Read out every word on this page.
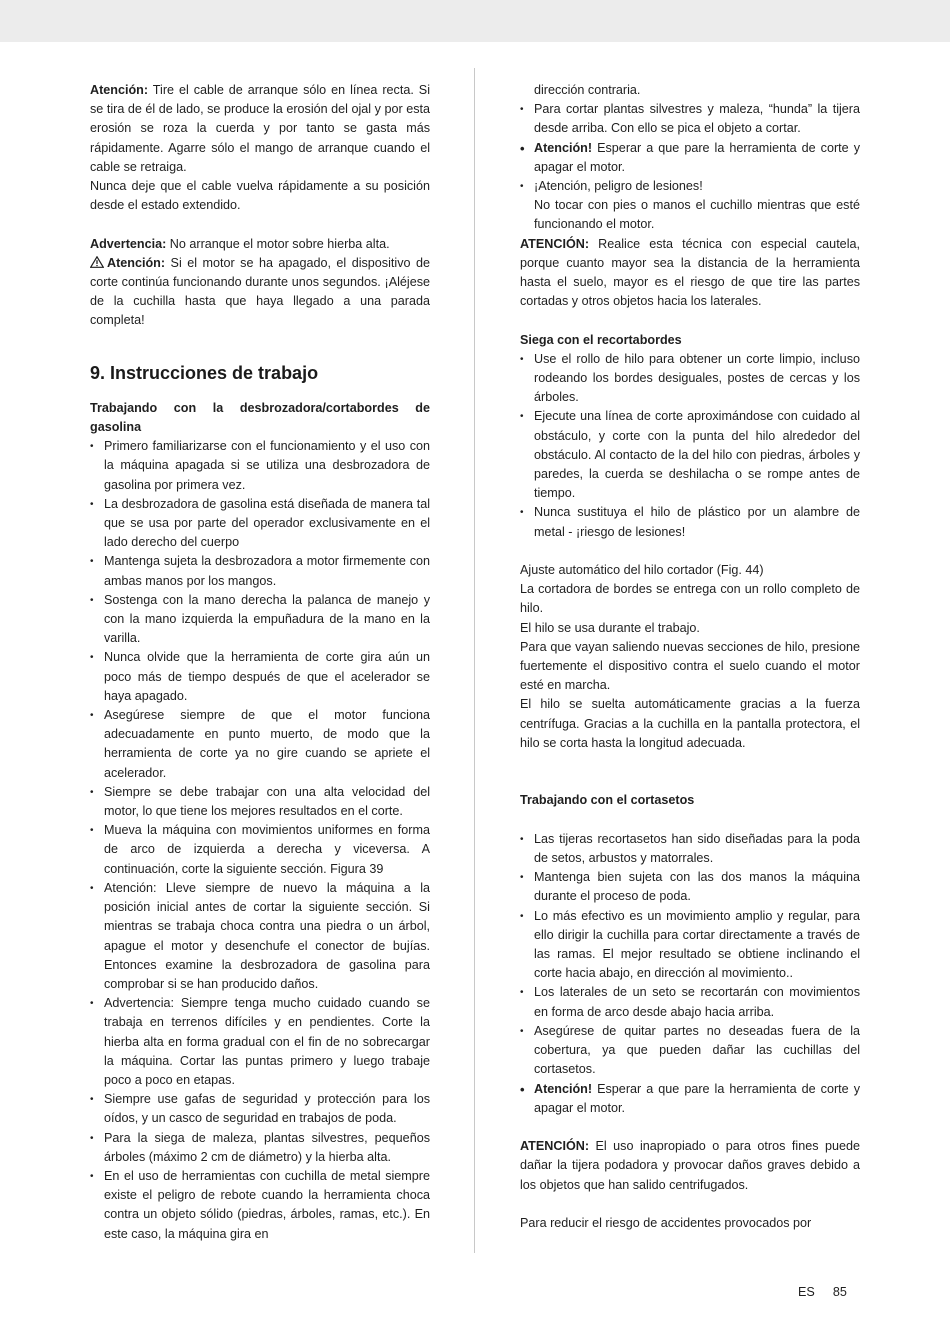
Atención: Tire el cable de arranque sólo en línea recta. Si se tira de él de lado, se produce la erosión del ojal y por esta erosión se roza la cuerda y por tanto se gasta más rápidamente. Agarre sólo el mango de arranque cuando el cable se retraiga.

Nunca deje que el cable vuelva rápidamente a su posición desde el estado extendido.

Advertencia: No arranque el motor sobre hierba alta.

Atención: Si el motor se ha apagado, el dispositivo de corte continúa funcionando durante unos segundos. ¡Aléjese de la cuchilla hasta que haya llegado a una parada completa!

9. Instrucciones de trabajo
Trabajando con la desbrozadora/cortabordes de gasolina
• Primero familiarizarse con el funcionamiento y el uso con la máquina apagada si se utiliza una desbrozadora de gasolina por primera vez.
• La desbrozadora de gasolina está diseñada de manera tal que se usa por parte del operador exclusivamente en el lado derecho del cuerpo
• Mantenga sujeta la desbrozadora a motor firmemente con ambas manos por los mangos.
• Sostenga con la mano derecha la palanca de manejo y con la mano izquierda la empuñadura de la mano en la varilla.
• Nunca olvide que la herramienta de corte gira aún un poco más de tiempo después de que el acelerador se haya apagado.
• Asegúrese siempre de que el motor funciona adecuadamente en punto muerto, de modo que la herramienta de corte ya no gire cuando se apriete el acelerador.
• Siempre se debe trabajar con una alta velocidad del motor, lo que tiene los mejores resultados en el corte.
• Mueva la máquina con movimientos uniformes en forma de arco de izquierda a derecha y viceversa. A continuación, corte la siguiente sección. Figura 39
• Atención: Lleve siempre de nuevo la máquina a la posición inicial antes de cortar la siguiente sección. Si mientras se trabaja choca contra una piedra o un árbol, apague el motor y desenchufe el conector de bujías. Entonces examine la desbrozadora de gasolina para comprobar si se han producido daños.
• Advertencia: Siempre tenga mucho cuidado cuando se trabaja en terrenos difíciles y en pendientes. Corte la hierba alta en forma gradual con el fin de no sobrecargar la máquina. Cortar las puntas primero y luego trabaje poco a poco en etapas.
• Siempre use gafas de seguridad y protección para los oídos, y un casco de seguridad en trabajos de poda.
• Para la siega de maleza, plantas silvestres, pequeños árboles (máximo 2 cm de diámetro) y la hierba alta.
• En el uso de herramientas con cuchilla de metal siempre existe el peligro de rebote cuando la herramienta choca contra un objeto sólido (piedras, árboles, ramas, etc.). En este caso, la máquina gira en

dirección contraria.

• Para cortar plantas silvestres y maleza, “hunda” la tijera desde arriba. Con ello se pica el objeto a cortar.
• Atención! Esperar a que pare la herramienta de corte y apagar el motor.
• ¡Atención, peligro de lesiones!
No tocar con pies o manos el cuchillo mientras que esté funcionando el motor.

ATENCIÓN: Realice esta técnica con especial cautela, porque cuanto mayor sea la distancia de la herramienta hasta el suelo, mayor es el riesgo de que tire las partes cortadas y otros objetos hacia los laterales.

Siega con el recortabordes
• Use el rollo de hilo para obtener un corte limpio, incluso rodeando los bordes desiguales, postes de cercas y los árboles.
• Ejecute una línea de corte aproximándose con cuidado al obstáculo, y corte con la punta del hilo alrededor del obstáculo. Al contacto de la del hilo con piedras, árboles y paredes, la cuerda se deshilacha o se rompe antes de tiempo.
• Nunca sustituya el hilo de plástico por un alambre de metal - ¡riesgo de lesiones!

Ajuste automático del hilo cortador (Fig. 44)

La cortadora de bordes se entrega con un rollo completo de hilo.

El hilo se usa durante el trabajo.

Para que vayan saliendo nuevas secciones de hilo, presione fuertemente el dispositivo contra el suelo cuando el motor esté en marcha.

El hilo se suelta automáticamente gracias a la fuerza centrífuga. Gracias a la cuchilla en la pantalla protectora, el hilo se corta hasta la longitud adecuada.

Trabajando con el cortasetos
• Las tijeras recortasetos han sido diseñadas para la poda de setos, arbustos y matorrales.
• Mantenga bien sujeta con las dos manos la máquina durante el proceso de poda.
• Lo más efectivo es un movimiento amplio y regular, para ello dirigir la cuchilla para cortar directamente a través de las ramas. El mejor resultado se obtiene inclinando el corte hacia abajo, en dirección al movimiento..
• Los laterales de un seto se recortarán con movimientos en forma de arco desde abajo hacia arriba.
• Asegúrese de quitar partes no deseadas fuera de la cobertura, ya que pueden dañar las cuchillas del cortasetos.
• Atención! Esperar a que pare la herramienta de corte y apagar el motor.

ATENCIÓN: El uso inapropiado o para otros fines puede dañar la tijera podadora y provocar daños graves debido a los objetos que han salido centrifugados.

Para reducir el riesgo de accidentes provocados por

ES 85
